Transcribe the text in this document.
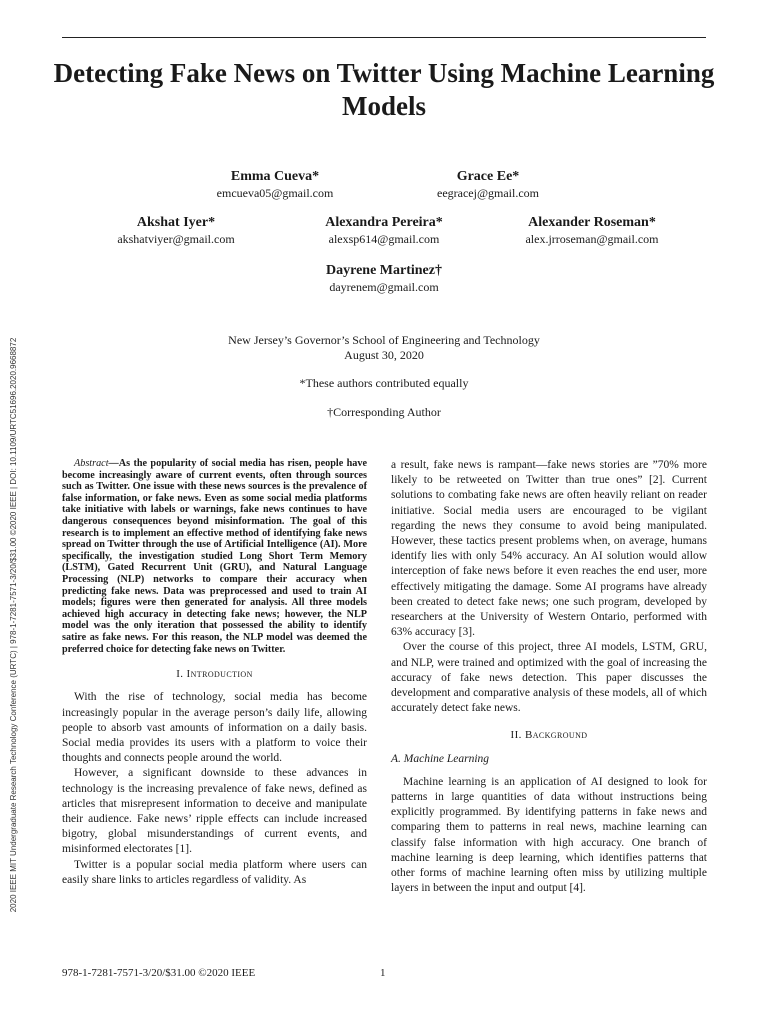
Detecting Fake News on Twitter Using Machine Learning Models
Emma Cueva*
emcueva05@gmail.com
Grace Ee*
eegracej@gmail.com
Akshat Iyer*
akshatviyer@gmail.com
Alexandra Pereira*
alexsp614@gmail.com
Alexander Roseman*
alex.jrroseman@gmail.com
Dayrene Martinez†
dayrenem@gmail.com
New Jersey’s Governor’s School of Engineering and Technology
August 30, 2020
*These authors contributed equally
†Corresponding Author
2020 IEEE MIT Undergraduate Research Technology Conference (URTC) | 978-1-7281-7571-3/20/$31.00 ©2020 IEEE | DOI: 10.1109/URTC51696.2020.9668872	Abstract—As the popularity of social media has risen, people have become increasingly aware of current events, often through sources such as Twitter. One issue with these news sources is the prevalence of false information, or fake news. Even as some social media platforms take initiative with labels or warnings, fake news continues to have dangerous consequences beyond misinformation. The goal of this research is to implement an effective method of identifying fake news spread on Twitter through the use of Artificial Intelligence (AI). More specifically, the investigation studied Long Short Term Memory (LSTM), Gated Recurrent Unit (GRU), and Natural Language Processing (NLP) networks to compare their accuracy when predicting fake news. Data was preprocessed and used to train AI models; figures were then generated for analysis. All three models achieved high accuracy in detecting fake news; however, the NLP model was the only iteration that possessed the ability to identify satire as fake news. For this reason, the NLP model was deemed the preferred choice for detecting fake news on Twitter.

I. Introduction

With the rise of technology, social media has become increasingly popular in the average person’s daily life, allowing people to absorb vast amounts of information on a daily basis. Social media provides its users with a platform to voice their thoughts and connects people around the world.

However, a significant downside to these advances in technology is the increasing prevalence of fake news, defined as articles that misrepresent information to deceive and manipulate their audience. Fake news’ ripple effects can include increased bigotry, global misunderstandings of current events, and misinformed electorates [1].

Twitter is a popular social media platform where users can easily share links to articles regardless of validity. As

a result, fake news is rampant—fake news stories are ”70% more likely to be retweeted on Twitter than true ones” [2]. Current solutions to combating fake news are often heavily reliant on reader initiative. Social media users are encouraged to be vigilant regarding the news they consume to avoid being manipulated. However, these tactics present problems when, on average, humans identify lies with only 54% accuracy. An AI solution would allow interception of fake news before it even reaches the end user, more effectively mitigating the damage. Some AI programs have already been created to detect fake news; one such program, developed by researchers at the University of Western Ontario, performed with 63% accuracy [3].

Over the course of this project, three AI models, LSTM, GRU, and NLP, were trained and optimized with the goal of increasing the accuracy of fake news detection. This paper discusses the development and comparative analysis of these models, all of which accurately detect fake news.

II. Background
A. Machine Learning

Machine learning is an application of AI designed to look for patterns in large quantities of data without instructions being explicitly programmed. By identifying patterns in fake news and comparing them to patterns in real news, machine learning can classify false information with high accuracy. One branch of machine learning is deep learning, which identifies patterns that other forms of machine learning often miss by utilizing multiple layers in between the input and output [4].

978-1-7281-7571-3/20/$31.00 ©2020 IEEE	1
